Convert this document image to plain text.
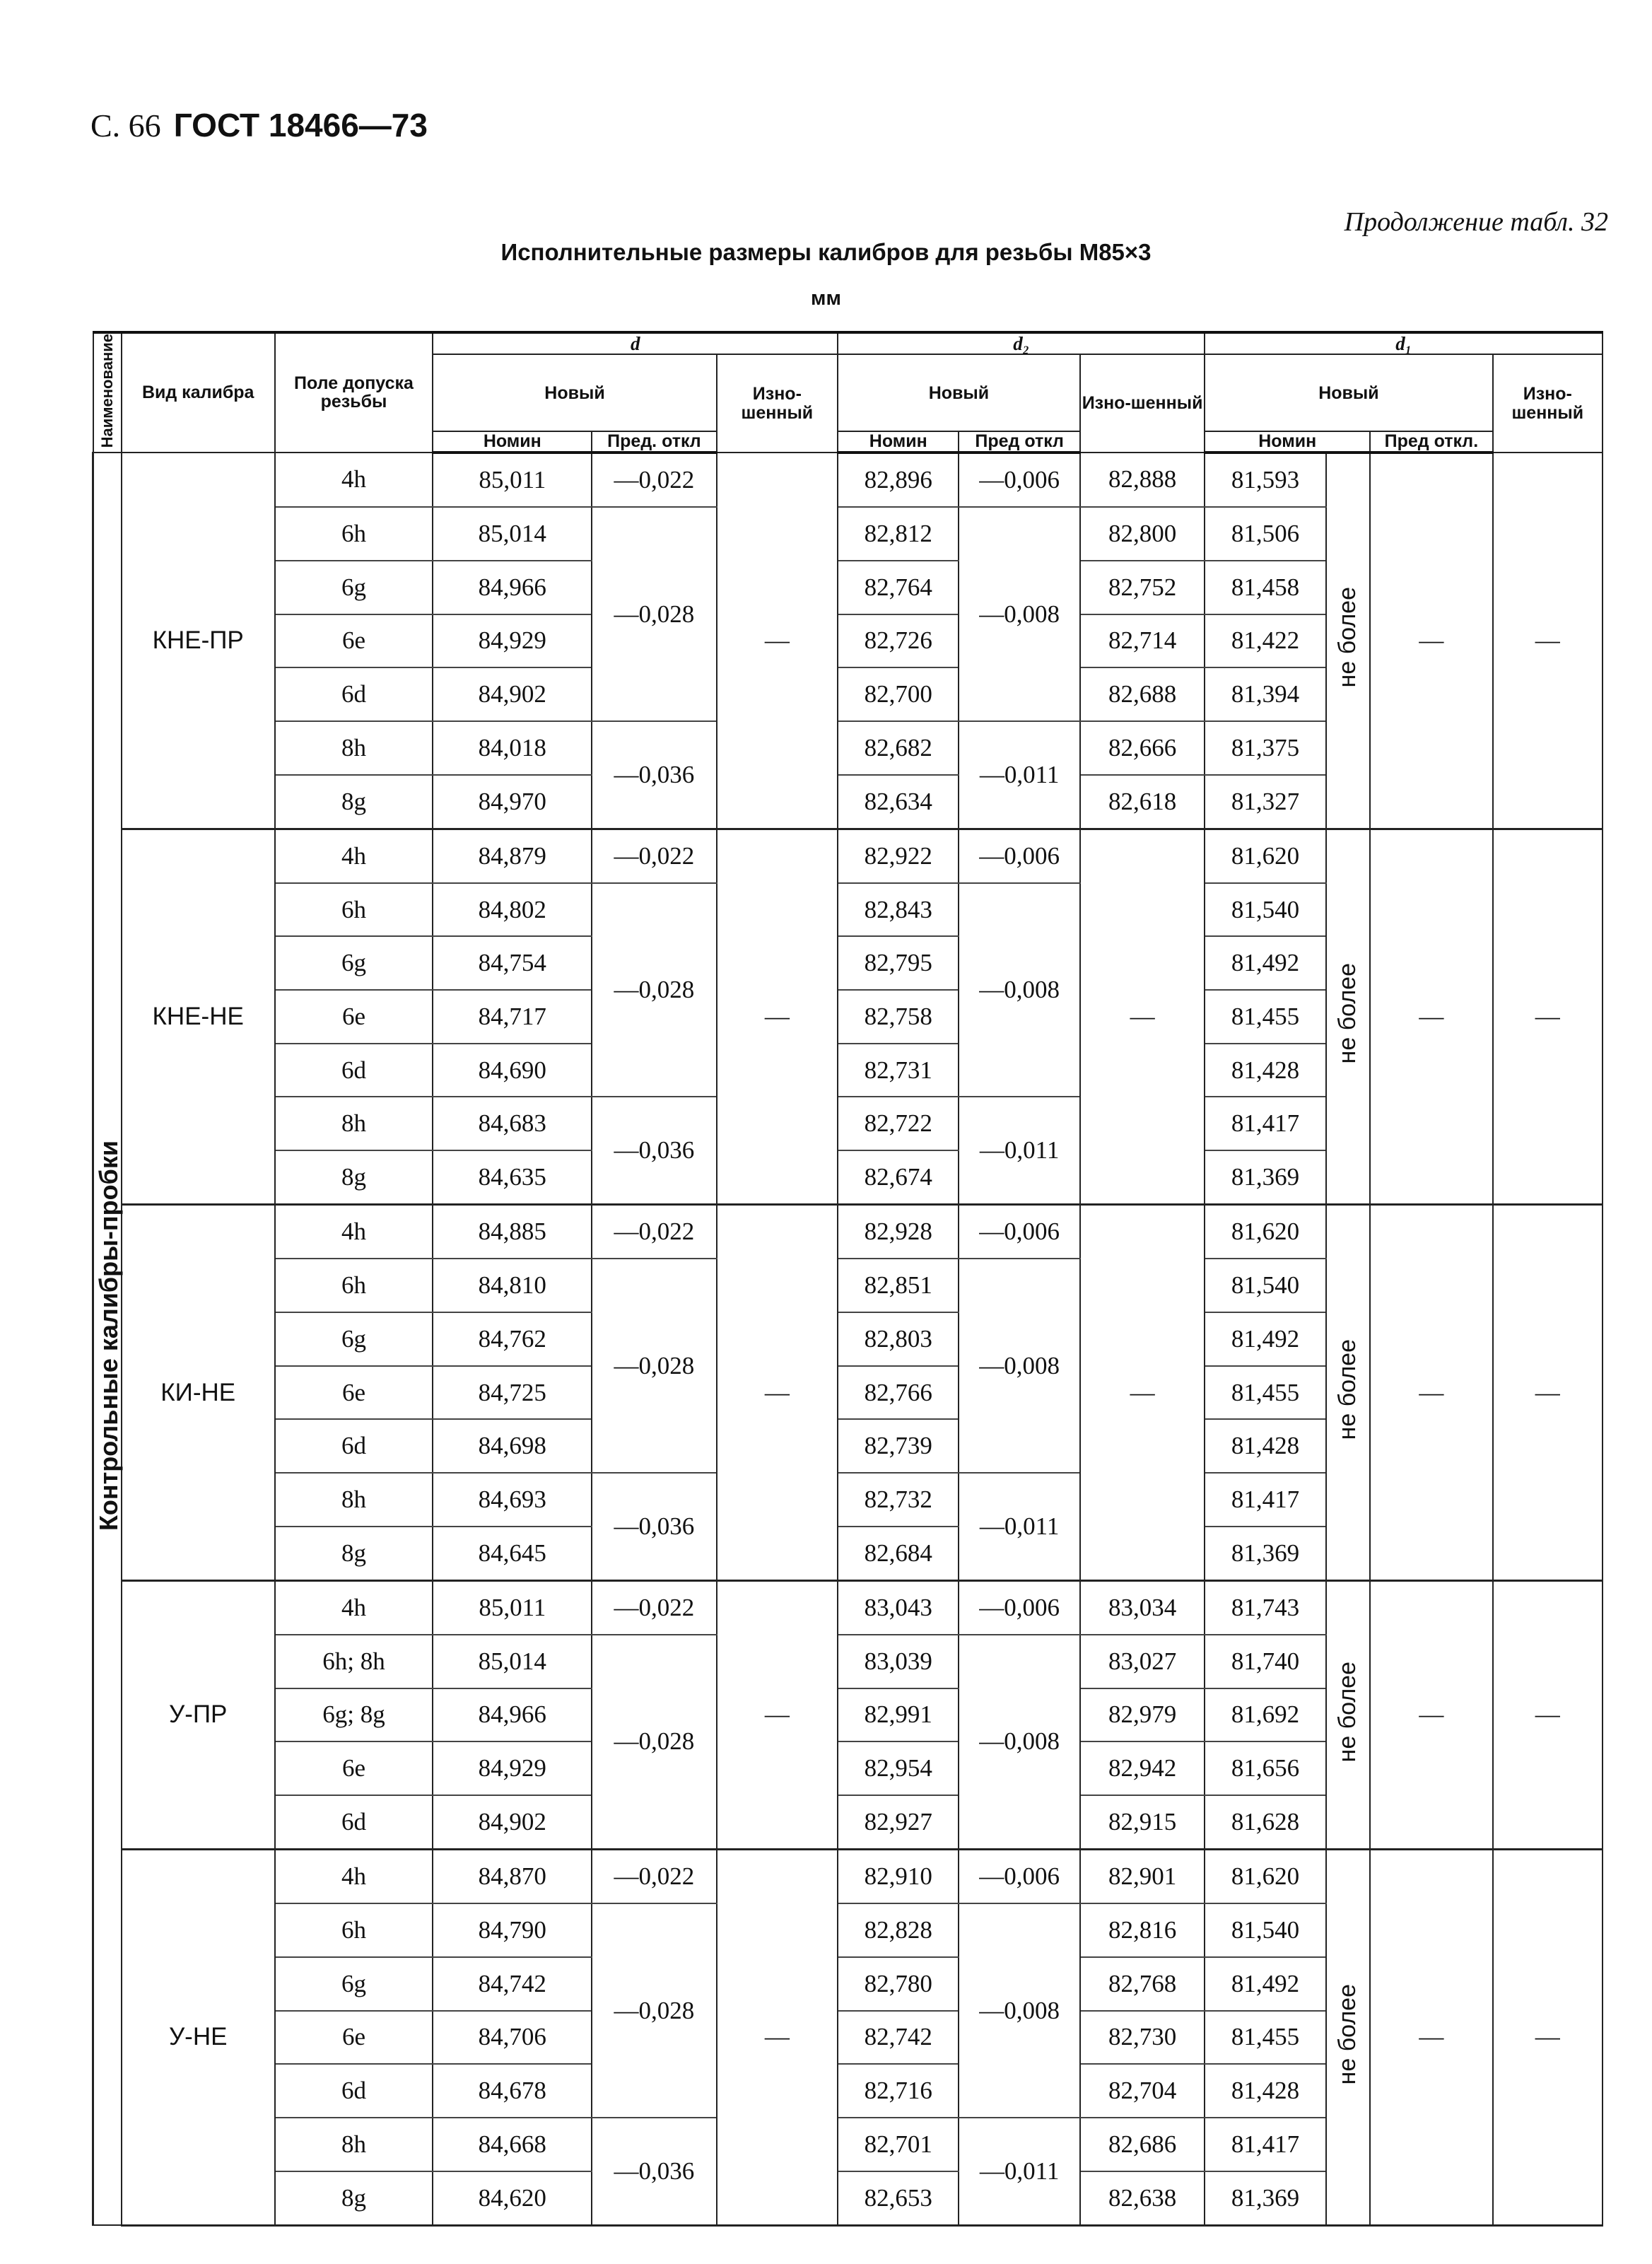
С. 66 ГОСТ 18466—73
Продолжение табл. 32
Исполнительные размеры калибров для резьбы М85×3
мм
Наименование	Вид калибра	Поле допуска резьбы	d			d₂			d₁			
			Новый		Изно-шенный	Новый		Изно-шенный	Новый			Изно-шенный
			Номин	Пред. откл		Номин	Пред откл		Номин		Пред откл.	
Контрольные калибры-пробки	КНЕ-ПР	4h	85,011	—0,022	—	82,896	—0,006	82,888	81,593	не более	—	—
		6h	85,014	—0,028		82,812	—0,008	82,800	81,506			
		6g	84,966			82,764		82,752	81,458			
		6e	84,929			82,726		82,714	81,422			
		6d	84,902			82,700		82,688	81,394			
		8h	84,018	—0,036		82,682	—0,011	82,666	81,375			
		8g	84,970			82,634		82,618	81,327			
	КНЕ-НЕ	4h	84,879	—0,022	—	82,922	—0,006	—	81,620	не более	—	—
		6h	84,802	—0,028		82,843	—0,008		81,540			
		6g	84,754			82,795			81,492			
		6e	84,717			82,758			81,455			
		6d	84,690			82,731			81,428			
		8h	84,683	—0,036		82,722	—0,011		81,417			
		8g	84,635			82,674			81,369			
	КИ-НЕ	4h	84,885	—0,022	—	82,928	—0,006	—	81,620	не более	—	—
		6h	84,810	—0,028		82,851	—0,008		81,540			
		6g	84,762			82,803			81,492			
		6e	84,725			82,766			81,455			
		6d	84,698			82,739			81,428			
		8h	84,693	—0,036		82,732	—0,011		81,417			
		8g	84,645			82,684			81,369			
	У-ПР	4h	85,011	—0,022	—	83,043	—0,006	83,034	81,743	не более	—	—
		6h; 8h	85,014	—0,028		83,039	—0,008	83,027	81,740			
		6g; 8g	84,966			82,991		82,979	81,692			
		6e	84,929			82,954		82,942	81,656			
		6d	84,902			82,927		82,915	81,628			
	У-НЕ	4h	84,870	—0,022	—	82,910	—0,006	82,901	81,620	не более	—	—
		6h	84,790	—0,028		82,828	—0,008	82,816	81,540			
		6g	84,742			82,780		82,768	81,492			
		6e	84,706			82,742		82,730	81,455			
		6d	84,678			82,716		82,704	81,428			
		8h	84,668	—0,036		82,701	—0,011	82,686	81,417			
		8g	84,620			82,653		82,638	81,369			
